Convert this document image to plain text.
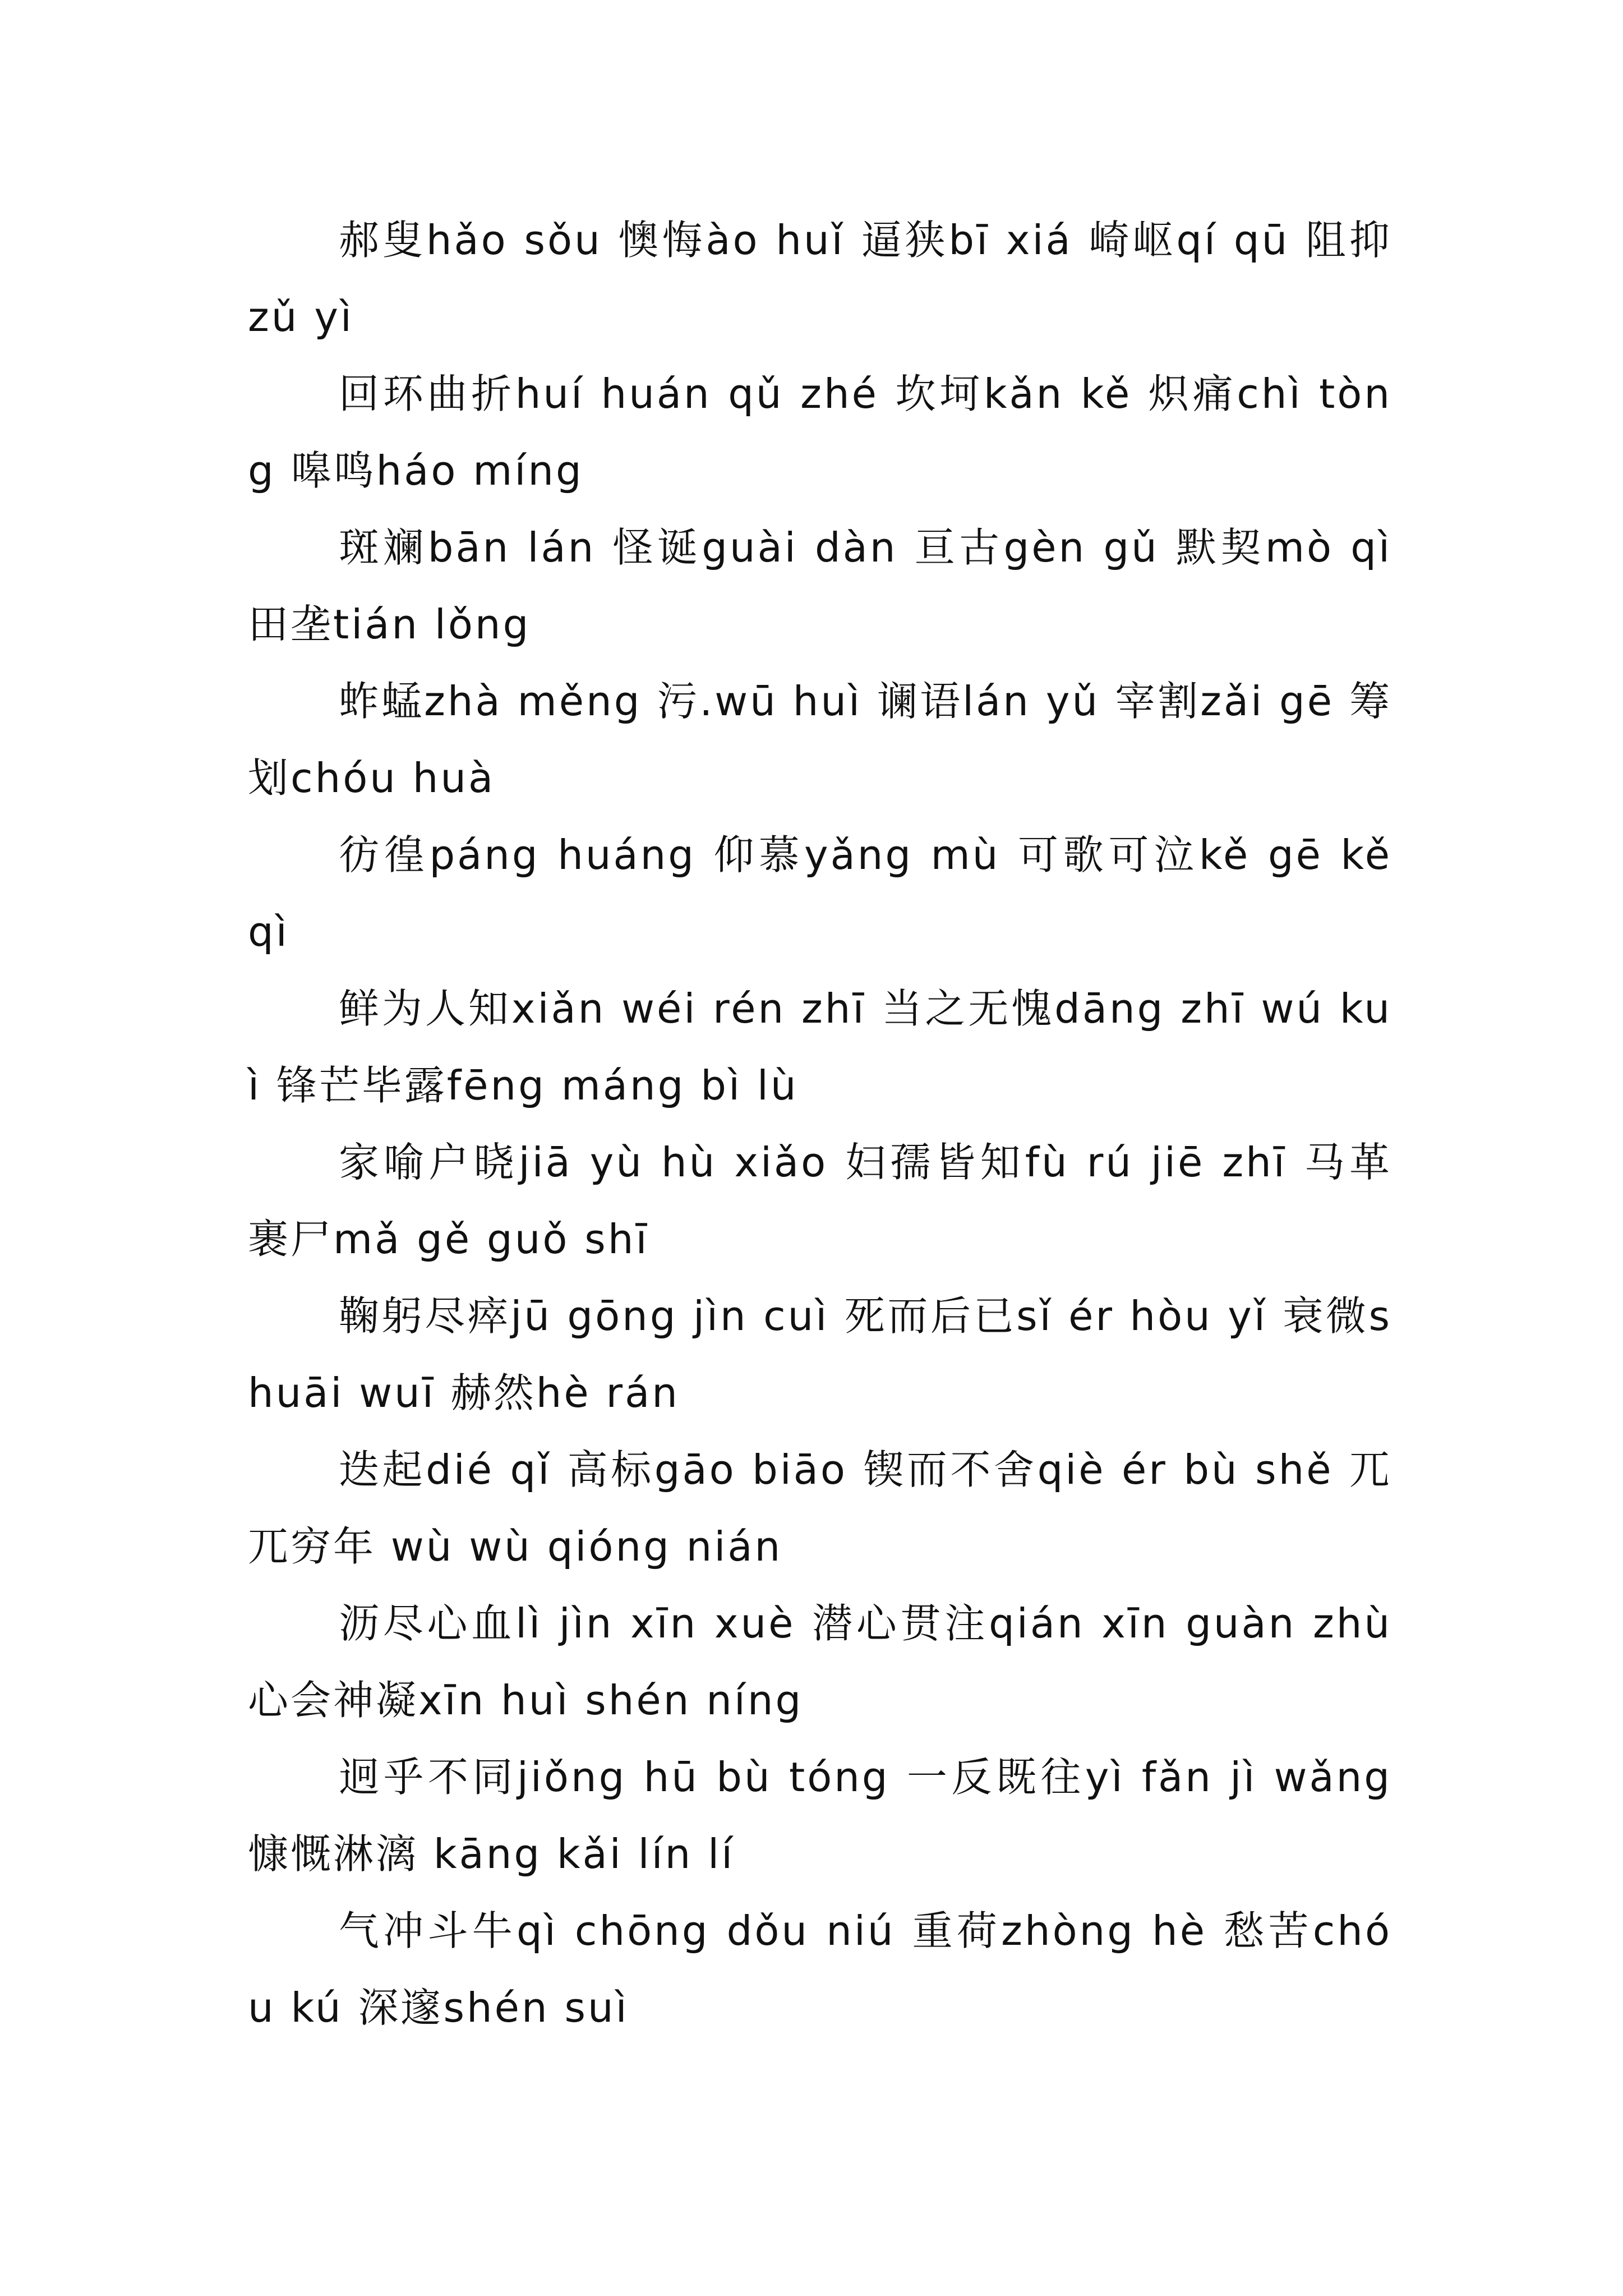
郝叟hǎo sǒu 懊悔ào huǐ 逼狭bī xiá 崎岖qí qū 阻抑zǔ yì

回环曲折huí huán qǔ zhé 坎坷kǎn kě 炽痛chì tòng 嗥鸣háo míng

斑斓bān lán 怪诞guài dàn 亘古gèn gǔ 默契mò qì 田垄tián lǒng

蚱蜢zhà měng 污.wū huì 谰语lán yǔ 宰割zǎi gē 筹划chóu huà

彷徨páng huáng 仰慕yǎng mù 可歌可泣kě gē kě qì

鲜为人知xiǎn wéi rén zhī 当之无愧dāng zhī wú kuì 锋芒毕露fēng máng bì lù

家喻户晓jiā yù hù xiǎo 妇孺皆知fù rú jiē zhī 马革裹尸mǎ gě guǒ shī

鞠躬尽瘁jū gōng jìn cuì 死而后已sǐ ér hòu yǐ 衰微shuāi wuī 赫然hè rán

迭起dié qǐ 高标gāo biāo 锲而不舍qiè ér bù shě 兀兀穷年 wù wù qióng nián

沥尽心血lì jìn xīn xuè 潜心贯注qián xīn guàn zhù 心会神凝xīn huì shén níng

迥乎不同jiǒng hū bù tóng 一反既往yì fǎn jì wǎng 慷慨淋漓 kāng kǎi lín lí

气冲斗牛qì chōng dǒu niú 重荷zhòng hè 愁苦chóu kú 深邃shén suì
